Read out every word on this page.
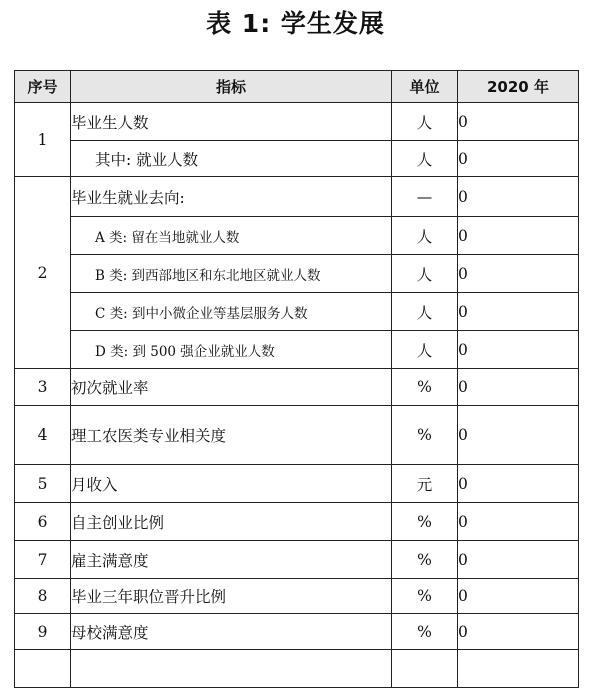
表 1: 学生发展
序号	指标	单位	2020 年
1	毕业生人数	人	0
	其中: 就业人数	人	0
2	毕业生就业去向:	—	0
	A 类: 留在当地就业人数	人	0
	B 类: 到西部地区和东北地区就业人数	人	0
	C 类: 到中小微企业等基层服务人数	人	0
	D 类: 到 500 强企业就业人数	人	0
3	初次就业率	%	0
4	理工农医类专业相关度	%	0
5	月收入	元	0
6	自主创业比例	%	0
7	雇主满意度	%	0
8	毕业三年职位晋升比例	%	0
9	母校满意度	%	0
